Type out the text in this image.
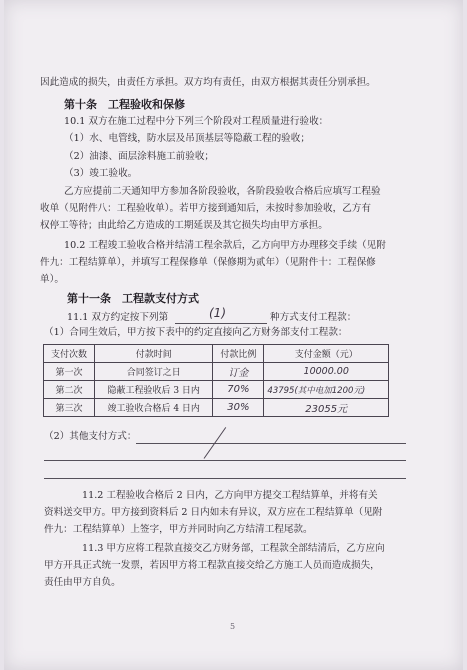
因此造成的损失，由责任方承担。双方均有责任，由双方根据其责任分别承担。
第十条　工程验收和保修
10.1 双方在施工过程中分下列三个阶段对工程质量进行验收：
（1）水、电管线，防水层及吊顶基层等隐蔽工程的验收；
（2）油漆、面层涂料施工前验收；
（3）竣工验收。
乙方应提前二天通知甲方参加各阶段验收，各阶段验收合格后应填写工程验
收单（见附件八：工程验收单）。若甲方接到通知后，未按时参加验收，乙方有
权停工等待；由此给乙方造成的工期延误及其它损失均由甲方承担。
10.2 工程竣工验收合格并结清工程余款后，乙方向甲方办理移交手续（见附
件九：工程结算单），并填写工程保修单（保修期为贰年）（见附件十：工程保修
单）。
第十一条　工程款支付方式
11.1 双方约定按下列第	(1)	种方式支付工程款：
（1）合同生效后，甲方按下表中的约定直接向乙方财务部支付工程款：
支付次数	付款时间	付款比例	支付金额（元）
第一次	合同签订之日	订金	10000.00
第二次	隐蔽工程验收后 3 日内	70%	43795(其中电加1200元)
第三次	竣工验收合格后 4 日内	30%	23055元
（2）其他支付方式：
11.2 工程验收合格后 2 日内，乙方向甲方提交工程结算单，并将有关
资料送交甲方。甲方接到资料后 2 日内如未有异议，双方应在工程结算单（见附
件九：工程结算单）上签字，甲方并同时向乙方结清工程尾款。
11.3 甲方应将工程款直接交乙方财务部，工程款全部结清后，乙方应向
甲方开具正式统一发票，若因甲方将工程款直接交给乙方施工人员而造成损失，
责任由甲方自负。
5
